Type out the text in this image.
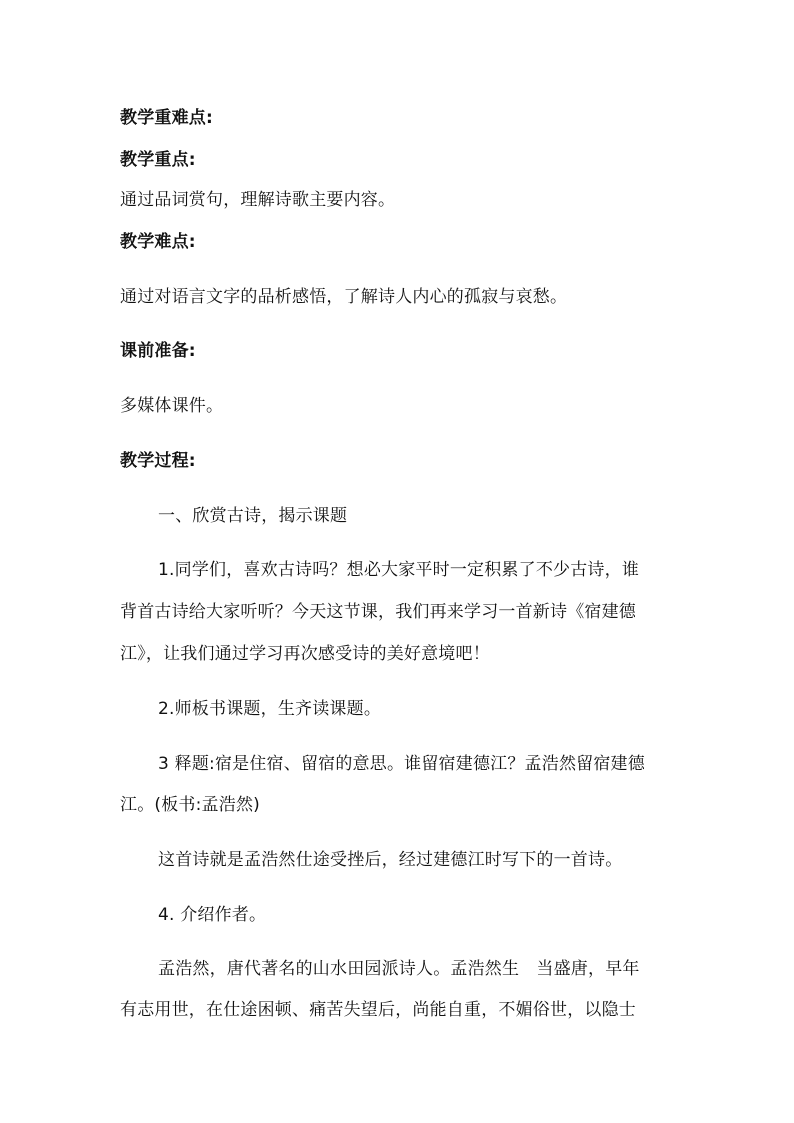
教学重难点:
教学重点:
通过品词赏句，理解诗歌主要内容。
教学难点:
通过对语言文字的品析感悟，了解诗人内心的孤寂与哀愁。
课前准备:
多媒体课件。
教学过程:
一、欣赏古诗，揭示课题
1.同学们，喜欢古诗吗？想必大家平时一定积累了不少古诗，谁
背首古诗给大家听听？今天这节课，我们再来学习一首新诗《宿建德
江》，让我们通过学习再次感受诗的美好意境吧！
2.师板书课题，生齐读课题。
3 释题:宿是住宿、留宿的意思。谁留宿建德江？孟浩然留宿建德
江。(板书:孟浩然)
这首诗就是孟浩然仕途受挫后，经过建德江时写下的一首诗。
4. 介绍作者。
孟浩然，唐代著名的山水田园派诗人。孟浩然生　当盛唐，早年
有志用世，在仕途困顿、痛苦失望后，尚能自重，不媚俗世，以隐士
